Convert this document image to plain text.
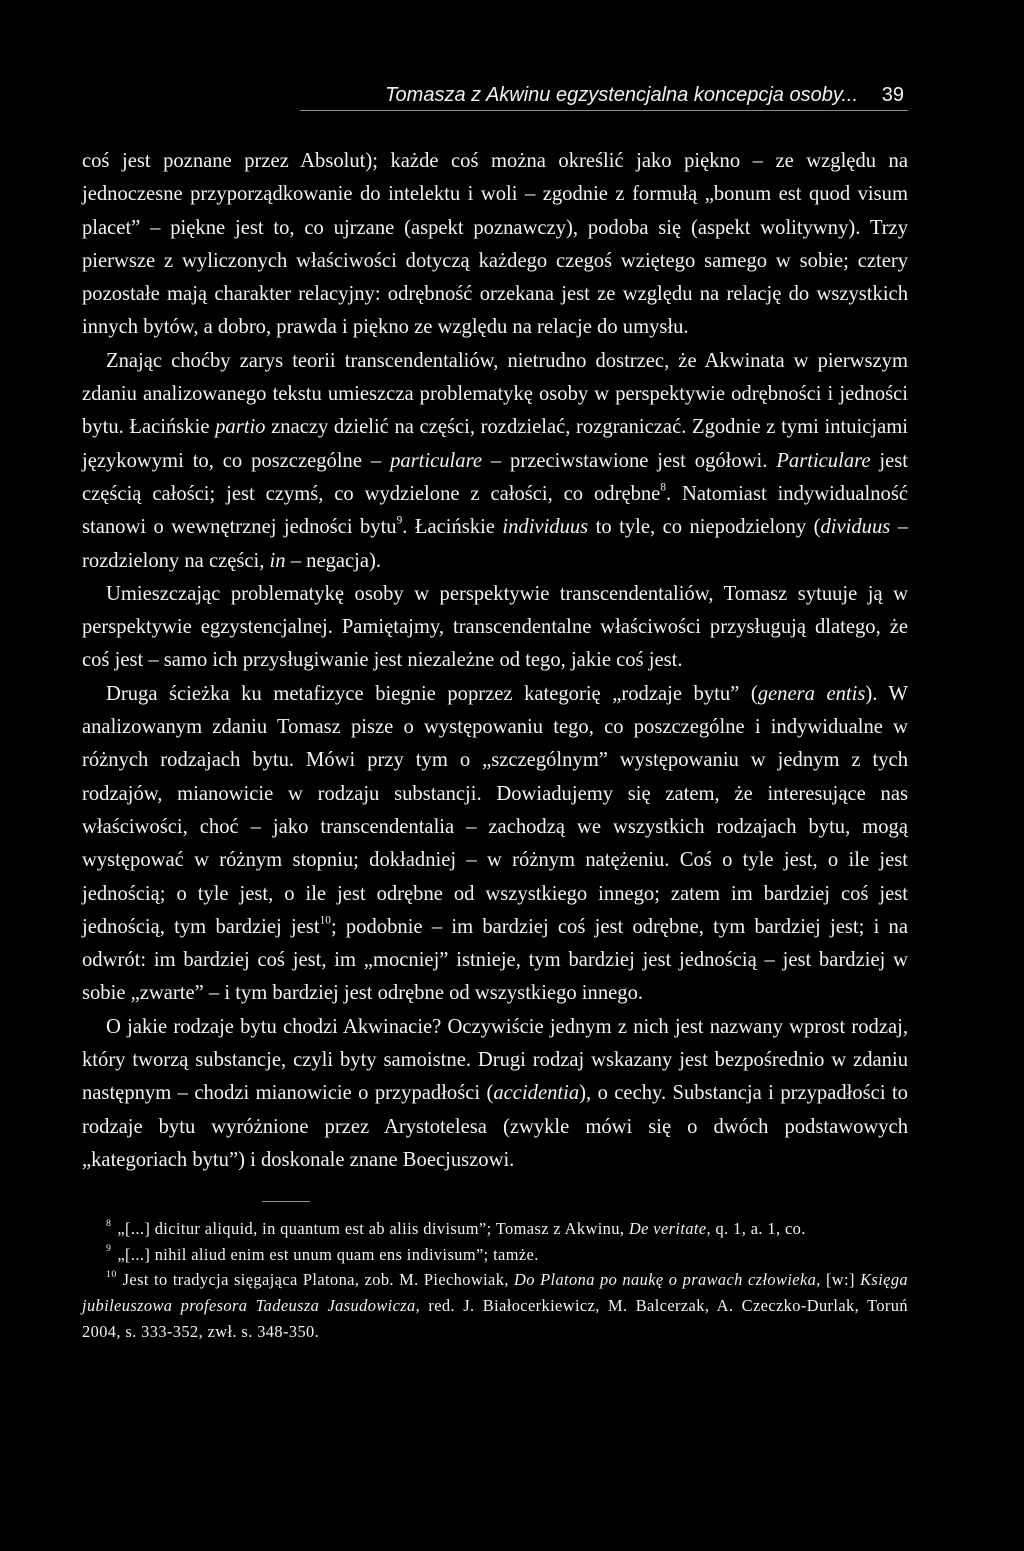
Tomasza z Akwinu egzystencjalna koncepcja osoby... 39

coś jest poznane przez Absolut); każde coś można określić jako piękno – ze względu na jednoczesne przyporządkowanie do intelektu i woli – zgodnie z formułą „bonum est quod visum placet” – piękne jest to, co ujrzane (aspekt poznawczy), podoba się (aspekt wolitywny). Trzy pierwsze z wyliczonych właściwości dotyczą każdego czegoś wziętego samego w sobie; cztery pozostałe mają charakter relacyjny: odrębność orzekana jest ze względu na relację do wszystkich innych bytów, a dobro, prawda i piękno ze względu na relacje do umysłu.

Znając choćby zarys teorii transcendentaliów, nietrudno dostrzec, że Akwinata w pierwszym zdaniu analizowanego tekstu umieszcza problematykę osoby w perspektywie odrębności i jedności bytu. Łacińskie partio znaczy dzielić na części, rozdzielać, rozgraniczać. Zgodnie z tymi intuicjami językowymi to, co poszczególne – particulare – przeciwstawione jest ogółowi. Particulare jest częścią całości; jest czymś, co wydzielone z całości, co odrębne$^8$. Natomiast indywidualność stanowi o wewnętrznej jedności bytu$^9$. Łacińskie individuus to tyle, co niepodzielony (dividuus – rozdzielony na części, in – negacja).

Umieszczając problematykę osoby w perspektywie transcendentaliów, Tomasz sytuuje ją w perspektywie egzystencjalnej. Pamiętajmy, transcendentalne właściwości przysługują dlatego, że coś jest – samo ich przysługiwanie jest niezależne od tego, jakie coś jest.

Druga ścieżka ku metafizyce biegnie poprzez kategorię „rodzaje bytu” (genera entis). W analizowanym zdaniu Tomasz pisze o występowaniu tego, co poszczególne i indywidualne w różnych rodzajach bytu. Mówi przy tym o „szczególnym” występowaniu w jednym z tych rodzajów, mianowicie w rodzaju substancji. Dowiadujemy się zatem, że interesujące nas właściwości, choć – jako transcendentalia – zachodzą we wszystkich rodzajach bytu, mogą występować w różnym stopniu; dokładniej – w różnym natężeniu. Coś o tyle jest, o ile jest jednością; o tyle jest, o ile jest odrębne od wszystkiego innego; zatem im bardziej coś jest jednością, tym bardziej jest$^{10}$; podobnie – im bardziej coś jest odrębne, tym bardziej jest; i na odwrót: im bardziej coś jest, im „mocniej” istnieje, tym bardziej jest jednością – jest bardziej w sobie „zwarte” – i tym bardziej jest odrębne od wszystkiego innego.

O jakie rodzaje bytu chodzi Akwinacie? Oczywiście jednym z nich jest nazwany wprost rodzaj, który tworzą substancje, czyli byty samoistne. Drugi rodzaj wskazany jest bezpośrednio w zdaniu następnym – chodzi mianowicie o przypadłości (accidentia), o cechy. Substancja i przypadłości to rodzaje bytu wyróżnione przez Arystotelesa (zwykle mówi się o dwóch podstawowych „kategoriach bytu”) i doskonale znane Boecjuszowi.

$^8$ „[...] dicitur aliquid, in quantum est ab aliis divisum”; Tomasz z Akwinu, De veritate, q. 1, a. 1, co.

$^9$ „[...] nihil aliud enim est unum quam ens indivisum”; tamże.

$^{10}$ Jest to tradycja sięgająca Platona, zob. M. Piechowiak, Do Platona po naukę o prawach człowieka, [w:] Księga jubileuszowa profesora Tadeusza Jasudowicza, red. J. Białocerkiewicz, M. Balcerzak, A. Czeczko-Durlak, Toruń 2004, s. 333-352, zwł. s. 348-350.
